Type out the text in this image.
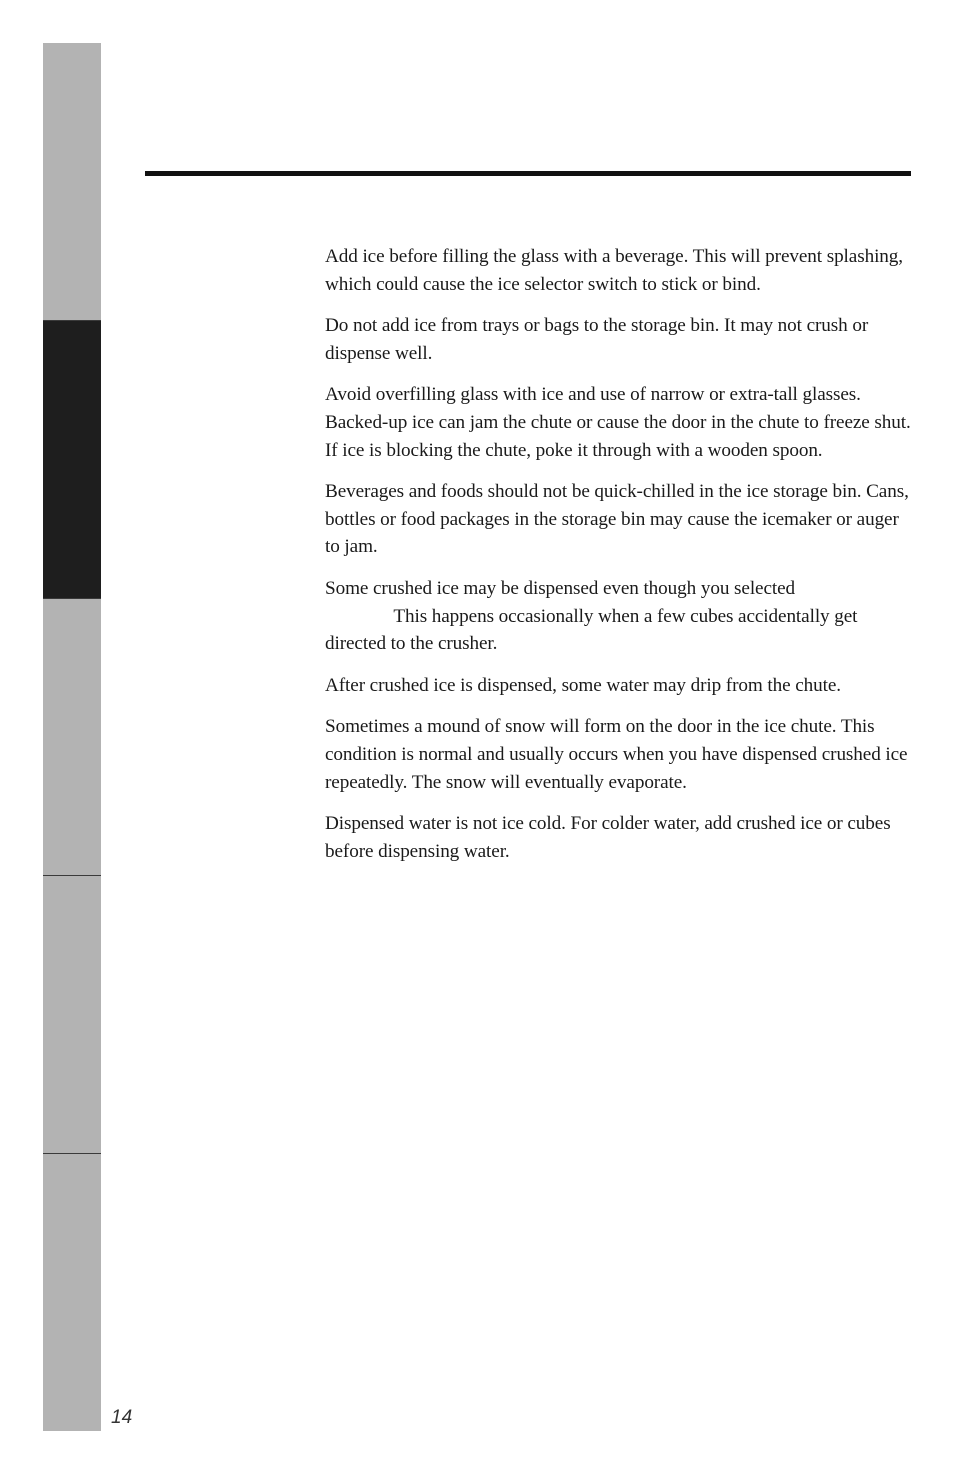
Add ice before filling the glass with a beverage. This will prevent splashing, which could cause the ice selector switch to stick or bind.

Do not add ice from trays or bags to the storage bin. It may not crush or dispense well.

Avoid overfilling glass with ice and use of narrow or extra-tall glasses. Backed-up ice can jam the chute or cause the door in the chute to freeze shut. If ice is blocking the chute, poke it through with a wooden spoon.

Beverages and foods should not be quick-chilled in the ice storage bin. Cans, bottles or food packages in the storage bin may cause the icemaker or auger to jam.

Some crushed ice may be dispensed even though you selected
This happens occasionally when a few cubes accidentally get directed to the crusher.

After crushed ice is dispensed, some water may drip from the chute.

Sometimes a mound of snow will form on the door in the ice chute. This condition is normal and usually occurs when you have dispensed crushed ice repeatedly. The snow will eventually evaporate.

Dispensed water is not ice cold. For colder water, add crushed ice or cubes before dispensing water.

14
